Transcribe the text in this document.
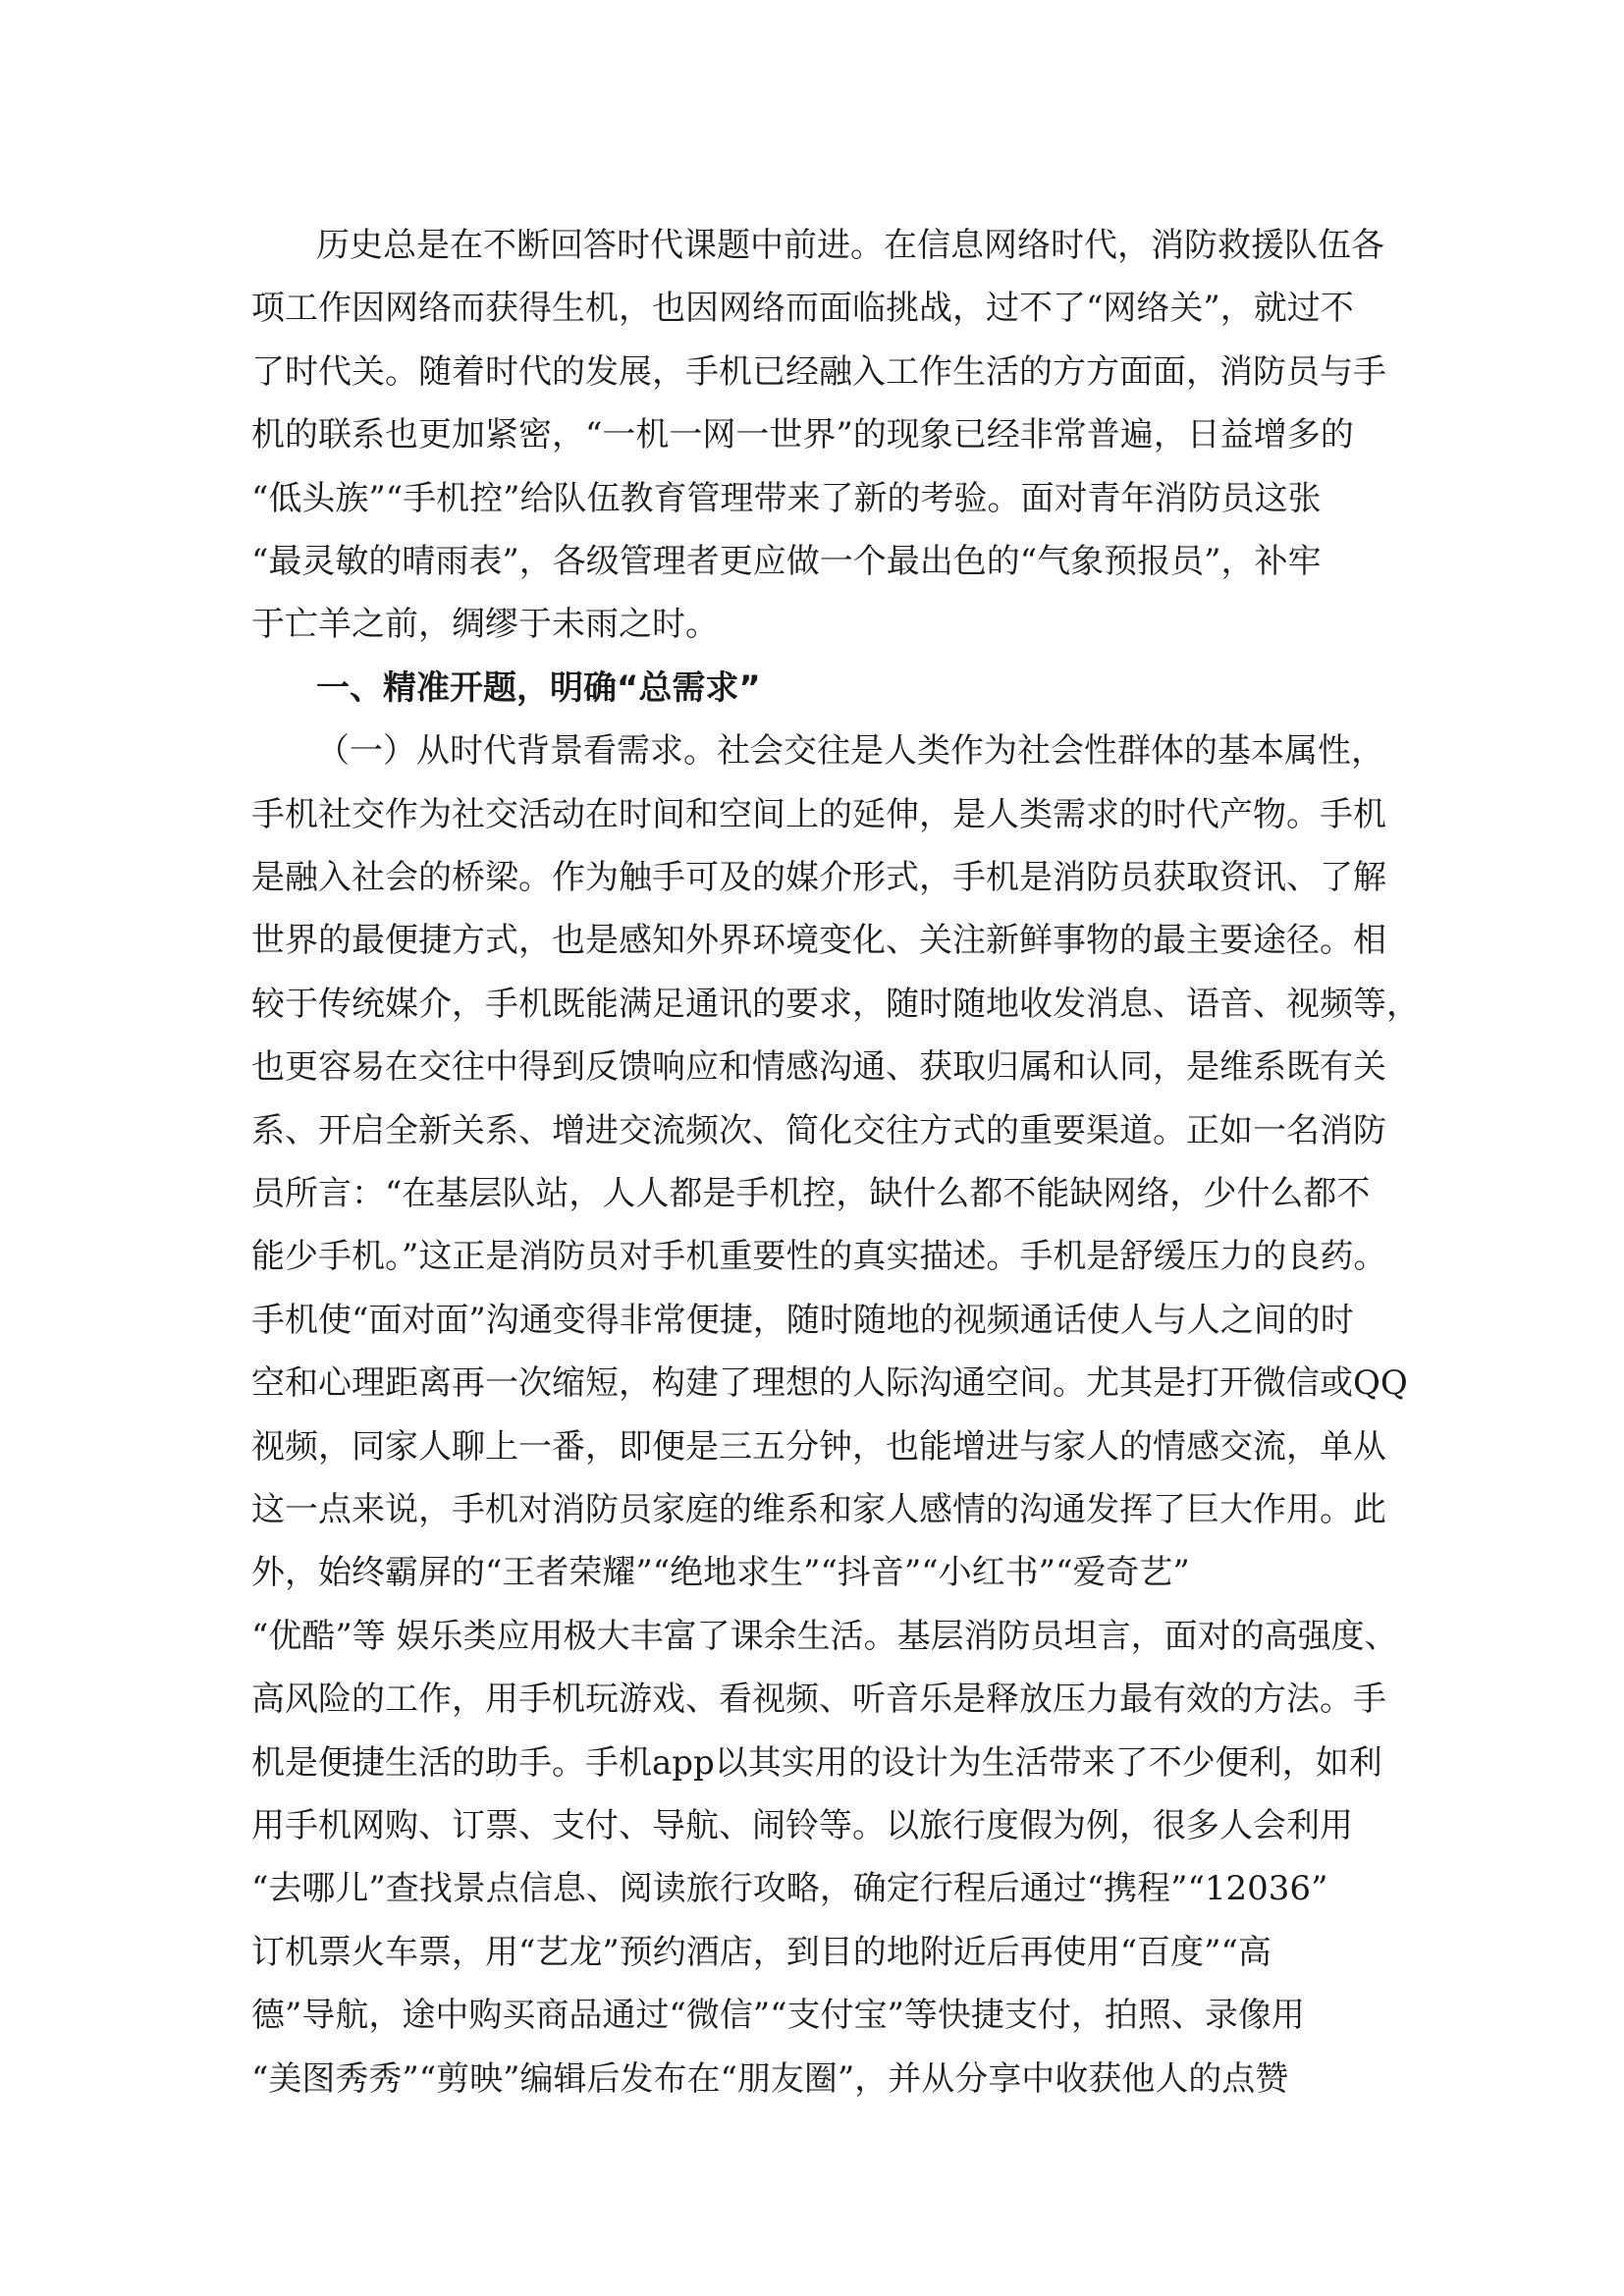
历史总是在不断回答时代课题中前进。在信息网络时代，消防救援队伍各
项工作因网络而获得生机，也因网络而面临挑战，过不了“网络关”，就过不
了时代关。随着时代的发展，手机已经融入工作生活的方方面面，消防员与手
机的联系也更加紧密，“一机一网一世界”的现象已经非常普遍，日益增多的
“低头族”“手机控”给队伍教育管理带来了新的考验。面对青年消防员这张
“最灵敏的晴雨表”，各级管理者更应做一个最出色的“气象预报员”，补牢
于亡羊之前，绸缪于未雨之时。
一、精准开题，明确“总需求”
（一）从时代背景看需求。社会交往是人类作为社会性群体的基本属性，
手机社交作为社交活动在时间和空间上的延伸，是人类需求的时代产物。手机
是融入社会的桥梁。作为触手可及的媒介形式，手机是消防员获取资讯、了解
世界的最便捷方式，也是感知外界环境变化、关注新鲜事物的最主要途径。相
较于传统媒介，手机既能满足通讯的要求，随时随地收发消息、语音、视频等，
也更容易在交往中得到反馈响应和情感沟通、获取归属和认同，是维系既有关
系、开启全新关系、增进交流频次、简化交往方式的重要渠道。正如一名消防
员所言：“在基层队站，人人都是手机控，缺什么都不能缺网络，少什么都不
能少手机。”这正是消防员对手机重要性的真实描述。手机是舒缓压力的良药。
手机使“面对面”沟通变得非常便捷，随时随地的视频通话使人与人之间的时
空和心理距离再一次缩短，构建了理想的人际沟通空间。尤其是打开微信或QQ
视频，同家人聊上一番，即便是三五分钟，也能增进与家人的情感交流，单从
这一点来说，手机对消防员家庭的维系和家人感情的沟通发挥了巨大作用。此
外，始终霸屏的“王者荣耀”“绝地求生”“抖音”“小红书”“爱奇艺”
“优酷”等 娱乐类应用极大丰富了课余生活。基层消防员坦言，面对的高强度、
高风险的工作，用手机玩游戏、看视频、听音乐是释放压力最有效的方法。手
机是便捷生活的助手。手机app以其实用的设计为生活带来了不少便利，如利
用手机网购、订票、支付、导航、闹铃等。以旅行度假为例，很多人会利用
“去哪儿”查找景点信息、阅读旅行攻略，确定行程后通过“携程”“12036”
订机票火车票，用“艺龙”预约酒店，到目的地附近后再使用“百度”“高
德”导航，途中购买商品通过“微信”“支付宝”等快捷支付，拍照、录像用
“美图秀秀”“剪映”编辑后发布在“朋友圈”，并从分享中收获他人的点赞
